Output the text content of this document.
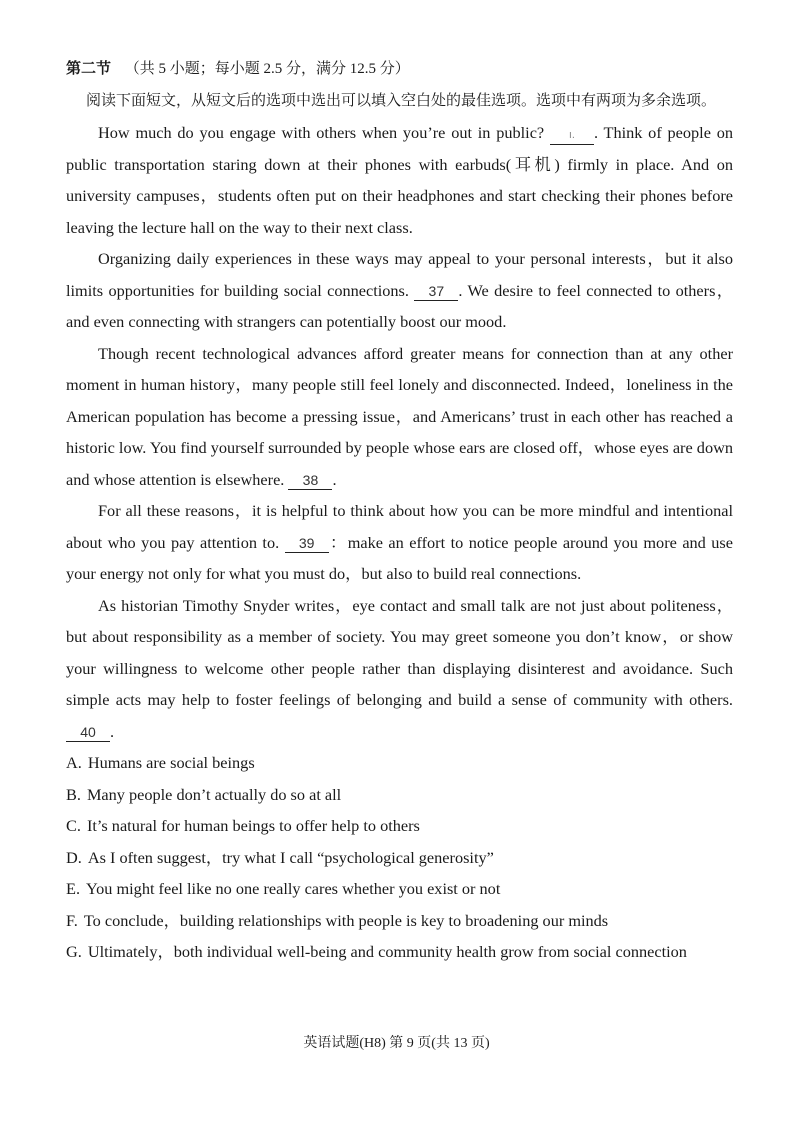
第二节 （共 5 小题；每小题 2.5 分，满分 12.5 分）
阅读下面短文，从短文后的选项中选出可以填入空白处的最佳选项。选项中有两项为多余选项。

How much do you engage with others when you’re out in public? ı. . Think of people on public transportation staring down at their phones with earbuds(耳机) firmly in place. And on university campuses，students often put on their headphones and start checking their phones before leaving the lecture hall on the way to their next class.

Organizing daily experiences in these ways may appeal to your personal interests，but it also limits opportunities for building social connections. 37 . We desire to feel connected to others，and even connecting with strangers can potentially boost our mood.

Though recent technological advances afford greater means for connection than at any other moment in human history，many people still feel lonely and disconnected. Indeed，loneliness in the American population has become a pressing issue，and Americans’ trust in each other has reached a historic low. You find yourself surrounded by people whose ears are closed off，whose eyes are down and whose attention is elsewhere. 38 .

For all these reasons，it is helpful to think about how you can be more mindful and intentional about who you pay attention to. 39 ：make an effort to notice people around you more and use your energy not only for what you must do，but also to build real connections.

As historian Timothy Snyder writes，eye contact and small talk are not just about politeness，but about responsibility as a member of society. You may greet someone you don’t know，or show your willingness to welcome other people rather than displaying disinterest and avoidance. Such simple acts may help to foster feelings of belonging and build a sense of community with others. 40 .

A. Humans are social beings

B. Many people don’t actually do so at all

C. It’s natural for human beings to offer help to others

D. As I often suggest，try what I call “psychological generosity”

E. You might feel like no one really cares whether you exist or not

F. To conclude，building relationships with people is key to broadening our minds

G. Ultimately，both individual well-being and community health grow from social connection

英语试题(H8) 第 9 页(共 13 页)
